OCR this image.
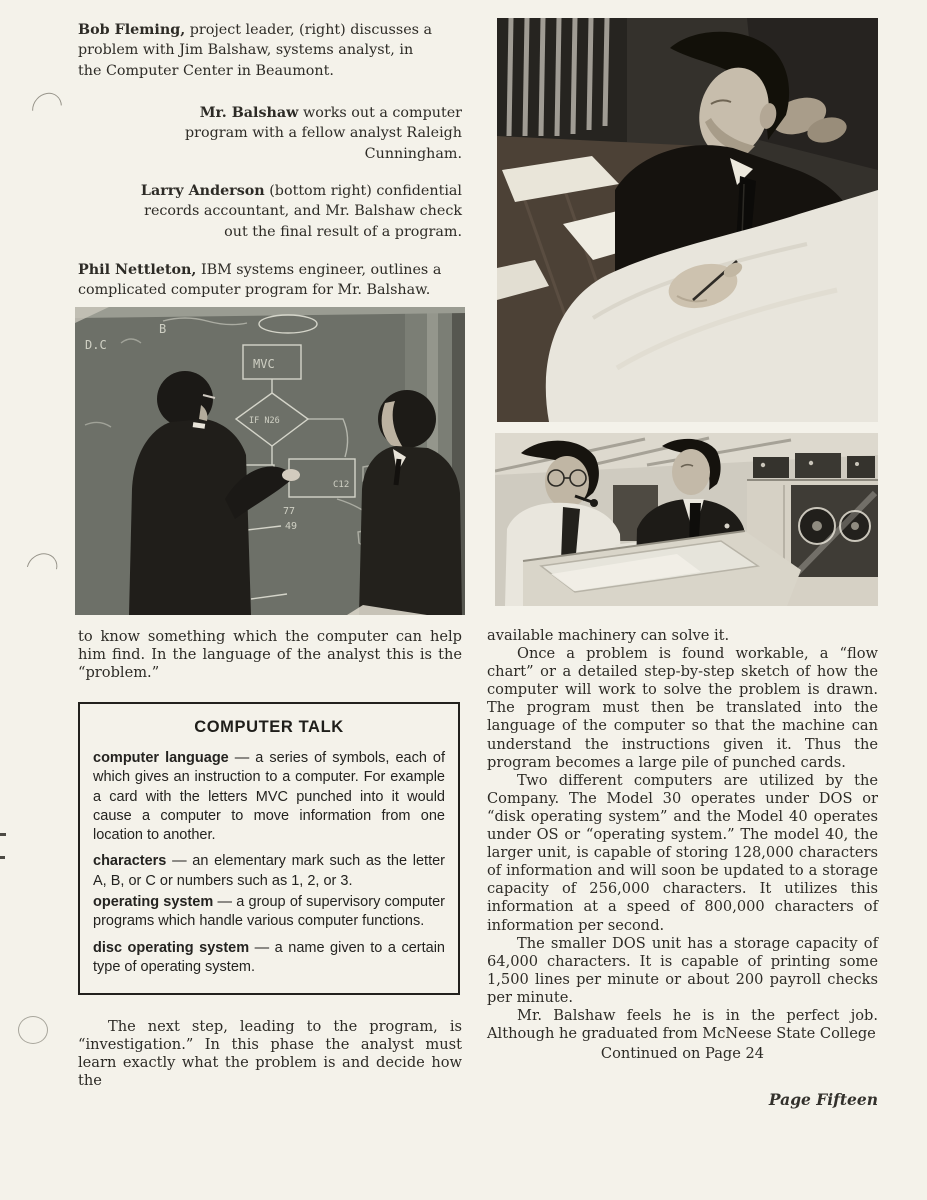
Bob Fleming, project leader, (right) discusses a problem with Jim Balshaw, systems analyst, in the Computer Center in Beaumont.
Mr. Balshaw works out a computer program with a fellow analyst Raleigh Cunningham.
Larry Anderson (bottom right) confidential records accountant, and Mr. Balshaw check out the final result of a program.
Phil Nettleton, IBM systems engineer, outlines a complicated computer program for Mr. Balshaw.
D.C
B
MVC
IF N26
C12
77
49

to know something which the computer can help him find. In the language of the analyst this is the “problem.”

COMPUTER TALK

computer language — a series of symbols, each of which gives an instruction to a computer. For example a card with the letters MVC punched into it would cause a computer to move information from one location to another.

characters — an elementary mark such as the letter A, B, or C or numbers such as 1, 2, or 3.

operating system — a group of supervisory computer programs which handle various computer functions.

disc operating system — a name given to a certain type of operating system.

The next step, leading to the program, is “investigation.” In this phase the analyst must learn exactly what the problem is and decide how the

available machinery can solve it.

Once a problem is found workable, a “flow chart” or a detailed step-by-step sketch of how the computer will work to solve the problem is drawn. The program must then be translated into the language of the computer so that the machine can understand the instructions given it. Thus the program becomes a large pile of punched cards.

Two different computers are utilized by the Company. The Model 30 operates under DOS or “disk operating system” and the Model 40 operates under OS or “operating system.” The model 40, the larger unit, is capable of storing 128,000 characters of information and will soon be updated to a storage capacity of 256,000 characters. It utilizes this information at a speed of 800,000 characters of information per second.

The smaller DOS unit has a storage capacity of 64,000 characters. It is capable of printing some 1,500 lines per minute or about 200 payroll checks per minute.

Mr. Balshaw feels he is in the perfect job. Although he graduated from McNeese State College

Continued on Page 24
Page Fifteen
